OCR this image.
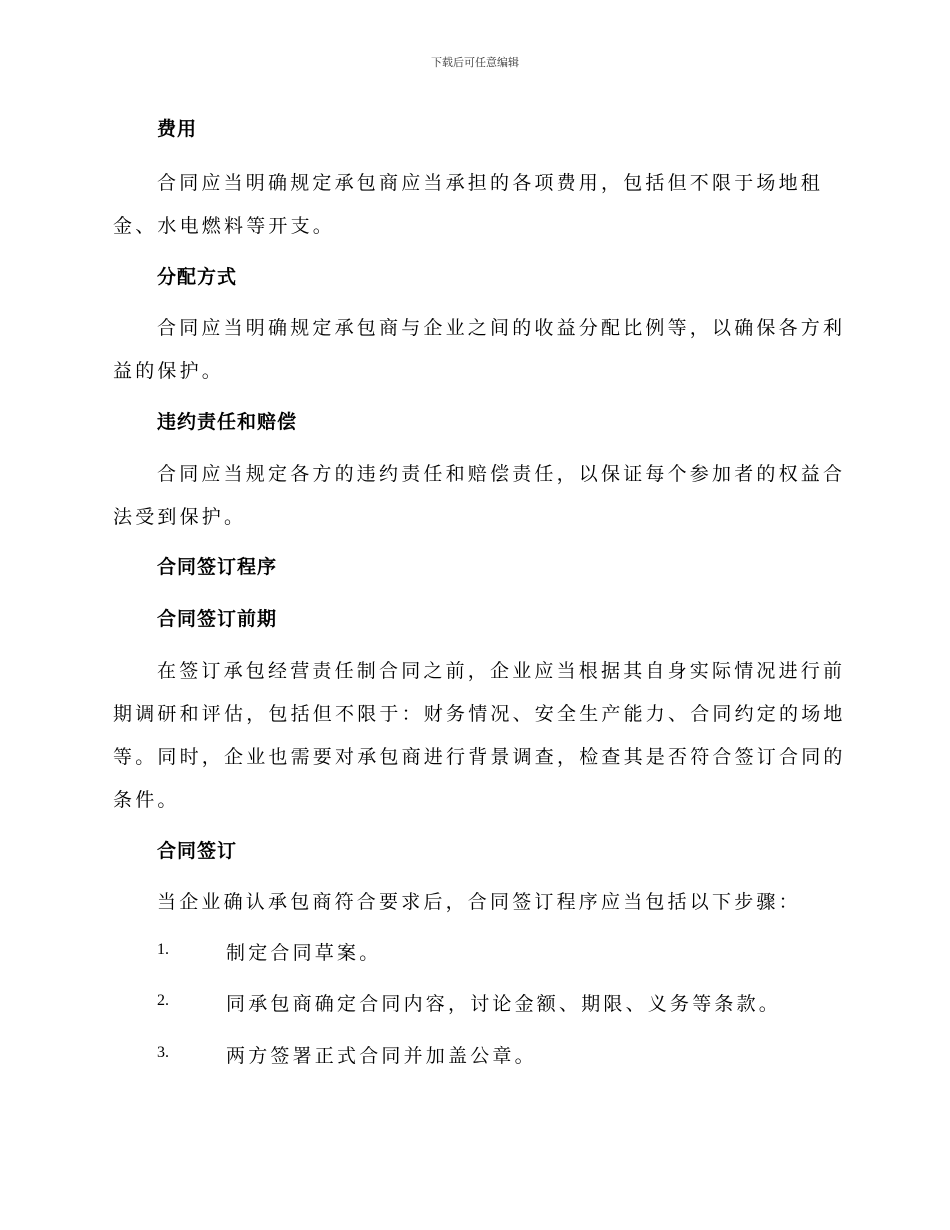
下载后可任意编辑
费用
合同应当明确规定承包商应当承担的各项费用，包括但不限于场地租
金、水电燃料等开支。
分配方式
合同应当明确规定承包商与企业之间的收益分配比例等，以确保各方利
益的保护。
违约责任和赔偿
合同应当规定各方的违约责任和赔偿责任，以保证每个参加者的权益合
法受到保护。
合同签订程序
合同签订前期
在签订承包经营责任制合同之前，企业应当根据其自身实际情况进行前
期调研和评估，包括但不限于：财务情况、安全生产能力、合同约定的场地
等。同时，企业也需要对承包商进行背景调查，检查其是否符合签订合同的
条件。
合同签订
当企业确认承包商符合要求后，合同签订程序应当包括以下步骤：
1.	制定合同草案。
2.	同承包商确定合同内容，讨论金额、期限、义务等条款。
3.	两方签署正式合同并加盖公章。
